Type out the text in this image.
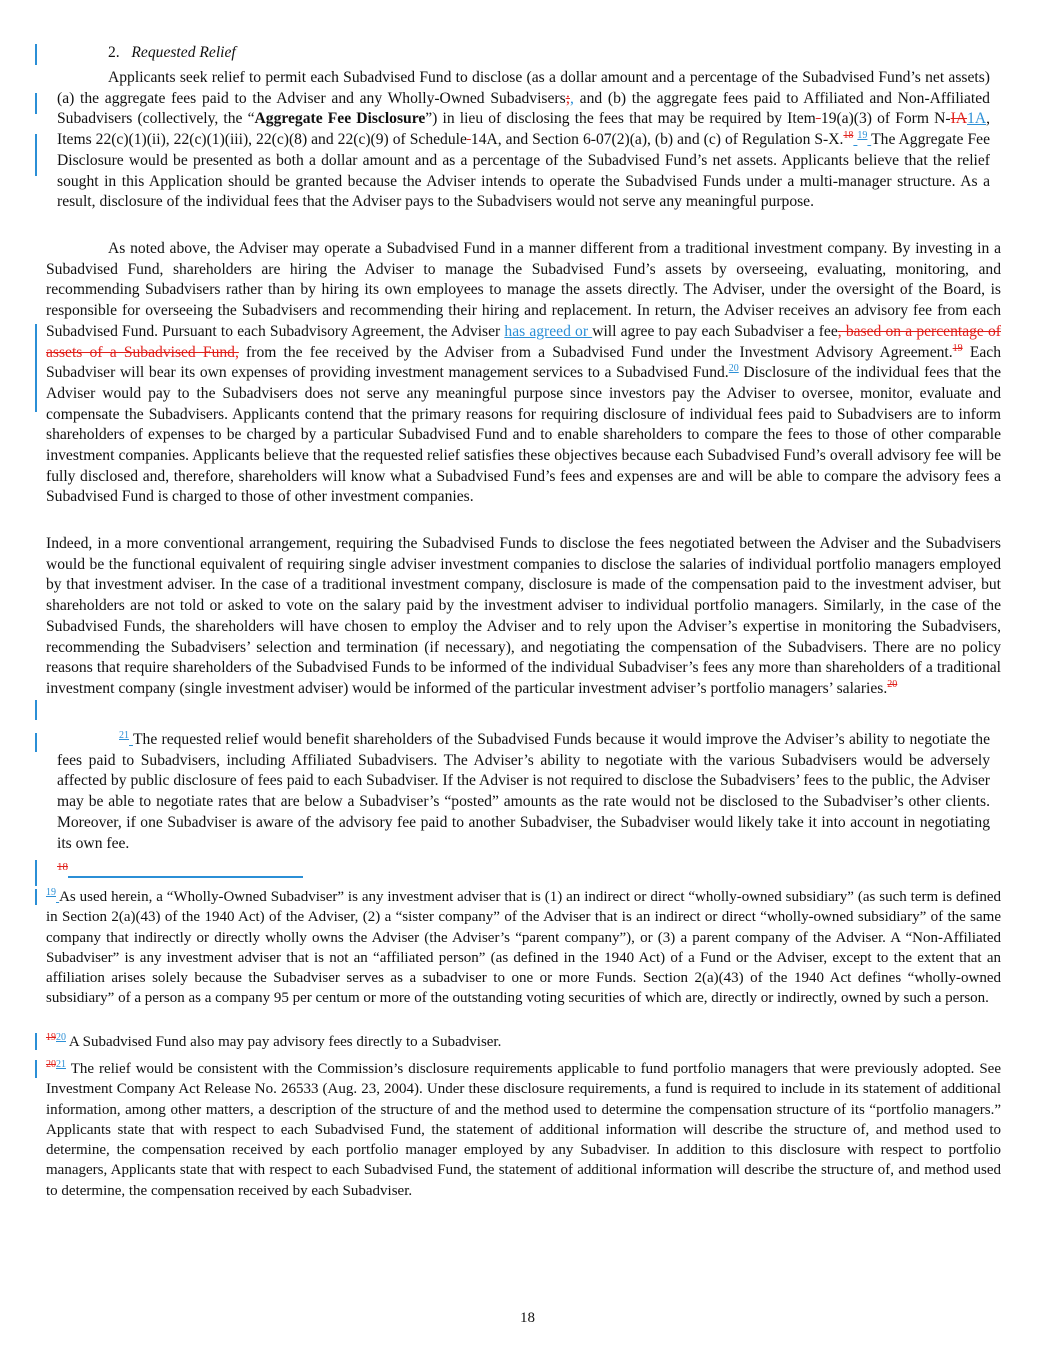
2. Requested Relief
Applicants seek relief to permit each Subadvised Fund to disclose (as a dollar amount and a percentage of the Subadvised Fund’s net assets) (a) the aggregate fees paid to the Adviser and any Wholly-Owned Subadvisers;, and (b) the aggregate fees paid to Affiliated and Non-Affiliated Subadvisers (collectively, the “Aggregate Fee Disclosure”) in lieu of disclosing the fees that may be required by Item 19(a)(3) of Form N-IA1A, Items 22(c)(1)(ii), 22(c)(1)(iii), 22(c)(8) and 22(c)(9) of Schedule 14A, and Section 6-07(2)(a), (b) and (c) of Regulation S-X.$^{18}$ $^{19}$ The Aggregate Fee Disclosure would be presented as both a dollar amount and as a percentage of the Subadvised Fund’s net assets. Applicants believe that the relief sought in this Application should be granted because the Adviser intends to operate the Subadvised Funds under a multi-manager structure. As a result, disclosure of the individual fees that the Adviser pays to the Subadvisers would not serve any meaningful purpose.
As noted above, the Adviser may operate a Subadvised Fund in a manner different from a traditional investment company. By investing in a Subadvised Fund, shareholders are hiring the Adviser to manage the Subadvised Fund’s assets by overseeing, evaluating, monitoring, and recommending Subadvisers rather than by hiring its own employees to manage the assets directly. The Adviser, under the oversight of the Board, is responsible for overseeing the Subadvisers and recommending their hiring and replacement. In return, the Adviser receives an advisory fee from each Subadvised Fund. Pursuant to each Subadvisory Agreement, the Adviser has agreed or will agree to pay each Subadviser a fee, based on a percentage of assets of a Subadvised Fund, from the fee received by the Adviser from a Subadvised Fund under the Investment Advisory Agreement.$^{19}$ Each Subadviser will bear its own expenses of providing investment management services to a Subadvised Fund.$^{20}$ Disclosure of the individual fees that the Adviser would pay to the Subadvisers does not serve any meaningful purpose since investors pay the Adviser to oversee, monitor, evaluate and compensate the Subadvisers. Applicants contend that the primary reasons for requiring disclosure of individual fees paid to Subadvisers are to inform shareholders of expenses to be charged by a particular Subadvised Fund and to enable shareholders to compare the fees to those of other comparable investment companies. Applicants believe that the requested relief satisfies these objectives because each Subadvised Fund’s overall advisory fee will be fully disclosed and, therefore, shareholders will know what a Subadvised Fund’s fees and expenses are and will be able to compare the advisory fees a Subadvised Fund is charged to those of other investment companies.
Indeed, in a more conventional arrangement, requiring the Subadvised Funds to disclose the fees negotiated between the Adviser and the Subadvisers would be the functional equivalent of requiring single adviser investment companies to disclose the salaries of individual portfolio managers employed by that investment adviser. In the case of a traditional investment company, disclosure is made of the compensation paid to the investment adviser, but shareholders are not told or asked to vote on the salary paid by the investment adviser to individual portfolio managers. Similarly, in the case of the Subadvised Funds, the shareholders will have chosen to employ the Adviser and to rely upon the Adviser’s expertise in monitoring the Subadvisers, recommending the Subadvisers’ selection and termination (if necessary), and negotiating the compensation of the Subadvisers. There are no policy reasons that require shareholders of the Subadvised Funds to be informed of the individual Subadviser’s fees any more than shareholders of a traditional investment company (single investment adviser) would be informed of the particular investment adviser’s portfolio managers’ salaries.$^{20}$
$^{21}$ The requested relief would benefit shareholders of the Subadvised Funds because it would improve the Adviser’s ability to negotiate the fees paid to Subadvisers, including Affiliated Subadvisers. The Adviser’s ability to negotiate with the various Subadvisers would be adversely affected by public disclosure of fees paid to each Subadviser. If the Adviser is not required to disclose the Subadvisers’ fees to the public, the Adviser may be able to negotiate rates that are below a Subadviser’s “posted” amounts as the rate would not be disclosed to the Subadviser’s other clients. Moreover, if one Subadviser is aware of the advisory fee paid to another Subadviser, the Subadviser would likely take it into account in negotiating its own fee.
18
$^{19}$ As used herein, a “Wholly-Owned Subadviser” is any investment adviser that is (1) an indirect or direct “wholly-owned subsidiary” (as such term is defined in Section 2(a)(43) of the 1940 Act) of the Adviser, (2) a “sister company” of the Adviser that is an indirect or direct “wholly-owned subsidiary” of the same company that indirectly or directly wholly owns the Adviser (the Adviser’s “parent company”), or (3) a parent company of the Adviser. A “Non-Affiliated Subadviser” is any investment adviser that is not an “affiliated person” (as defined in the 1940 Act) of a Fund or the Adviser, except to the extent that an affiliation arises solely because the Subadviser serves as a subadviser to one or more Funds. Section 2(a)(43) of the 1940 Act defines “wholly-owned subsidiary” of a person as a company 95 per centum or more of the outstanding voting securities of which are, directly or indirectly, owned by such a person.
$^{1920}$ A Subadvised Fund also may pay advisory fees directly to a Subadviser.
$^{2021}$ The relief would be consistent with the Commission’s disclosure requirements applicable to fund portfolio managers that were previously adopted. See Investment Company Act Release No. 26533 (Aug. 23, 2004). Under these disclosure requirements, a fund is required to include in its statement of additional information, among other matters, a description of the structure of and the method used to determine the compensation structure of its “portfolio managers.” Applicants state that with respect to each Subadvised Fund, the statement of additional information will describe the structure of, and method used to determine, the compensation received by each portfolio manager employed by any Subadviser. In addition to this disclosure with respect to portfolio managers, Applicants state that with respect to each Subadvised Fund, the statement of additional information will describe the structure of, and method used to determine, the compensation received by each Subadviser.
18
